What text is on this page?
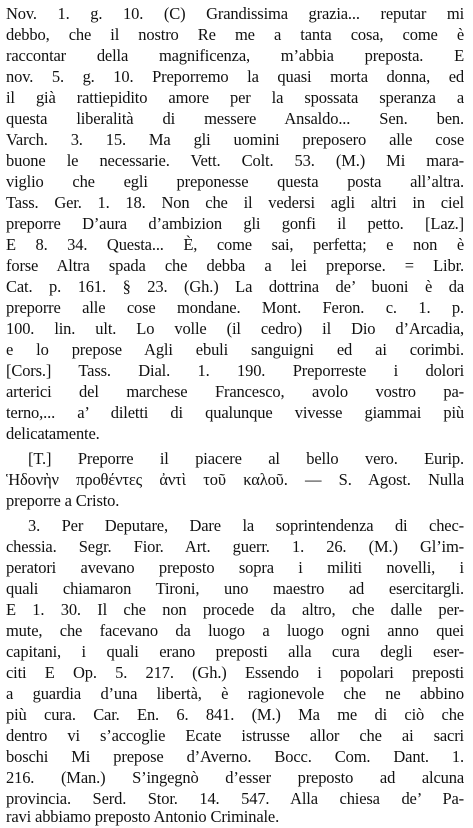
Nov. 1. g. 10. (C) Grandissima grazia... reputar mi
debbo, che il nostro Re me a tanta cosa, come è
raccontar della magnificenza, m’abbia preposta. E
nov. 5. g. 10. Preporremo la quasi morta donna, ed
il già rattiepidito amore per la spossata speranza a
questa liberalità di messere Ansaldo... Sen. ben.
Varch. 3. 15. Ma gli uomini preposero alle cose
buone le necessarie. Vett. Colt. 53. (M.) Mi mara-
viglio che egli preponesse questa posta all’altra.
Tass. Ger. 1. 18. Non che il vedersi agli altri in ciel
preporre D’aura d’ambizion gli gonfi il petto. [Laz.]
E 8. 34. Questa... È, come sai, perfetta; e non è
forse Altra spada che debba a lei preporse. = Libr.
Cat. p. 161. § 23. (Gh.) La dottrina de’ buoni è da
preporre alle cose mondane. Mont. Feron. c. 1. p.
100. lin. ult. Lo volle (il cedro) il Dio d’Arcadia,
e lo prepose Agli ebuli sanguigni ed ai corimbi.
[Cors.] Tass. Dial. 1. 190. Preporreste i dolori
arterici del marchese Francesco, avolo vostro pa-
terno,... a’ diletti di qualunque vivesse giammai più
delicatamente.
[T.] Preporre il piacere al bello vero. Eurip.
Ἡδονὴν προθέντες ἀντὶ τοῦ καλοῦ. — S. Agost. Nulla
preporre a Cristo.
3. Per Deputare, Dare la soprintendenza di chec-
chessia. Segr. Fior. Art. guerr. 1. 26. (M.) Gl’im-
peratori avevano preposto sopra i militi novelli, i
quali chiamaron Tironi, uno maestro ad esercitargli.
E 1. 30. Il che non procede da altro, che dalle per-
mute, che facevano da luogo a luogo ogni anno quei
capitani, i quali erano preposti alla cura degli eser-
citi E Op. 5. 217. (Gh.) Essendo i popolari preposti
a guardia d’una libertà, è ragionevole che ne abbino
più cura. Car. En. 6. 841. (M.) Ma me di ciò che
dentro vi s’accoglie Ecate istrusse allor che ai sacri
boschi Mi prepose d’Averno. Bocc. Com. Dant. 1.
216. (Man.) S’ingegnò d’esser preposto ad alcuna
provincia. Serd. Stor. 14. 547. Alla chiesa de’ Pa-
ravi abbiamo preposto Antonio Criminale.
